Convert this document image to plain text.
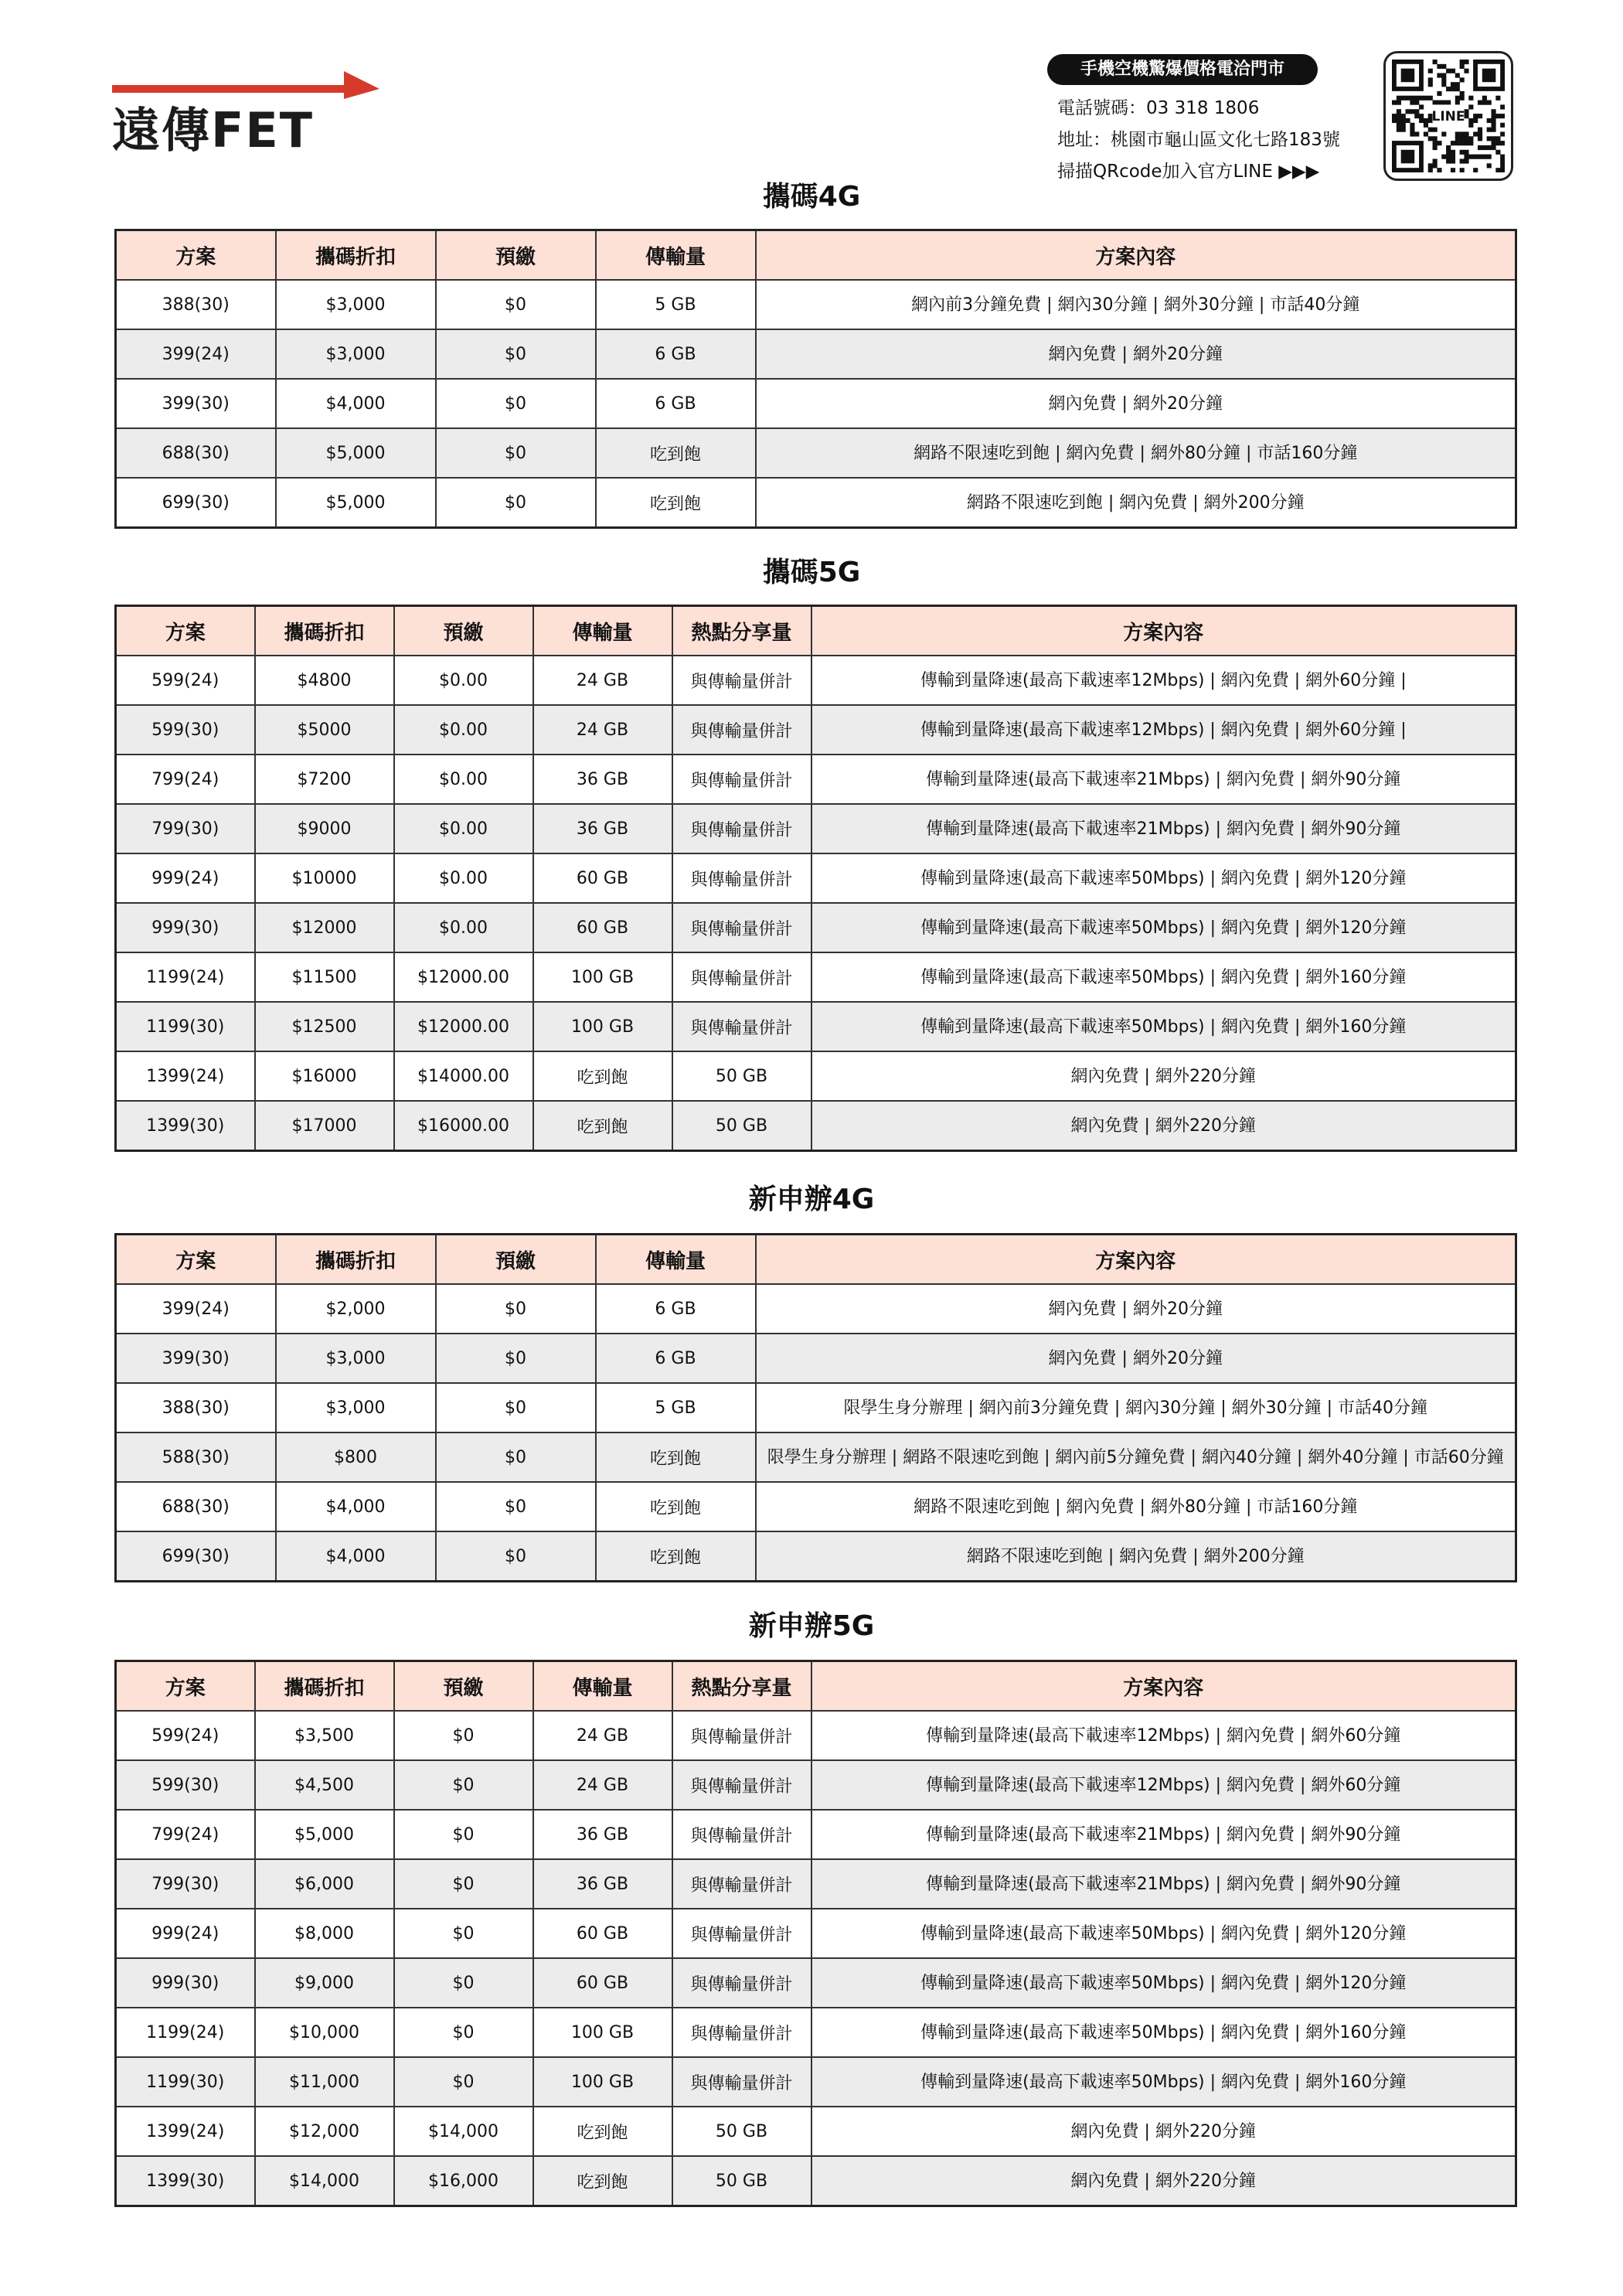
遠傳FET
手機空機驚爆價格電洽門市
電話號碼：03 318 1806
地址：桃園市龜山區文化七路183號
掃描QRcode加入官方LINE ▶▶▶
LINE
攜碼4G
攜碼5G
新申辦4G
新申辦5G
方案	攜碼折扣	預繳	傳輸量	方案內容
388(30)	$3,000	$0	5 GB	網內前3分鐘免費 | 網內30分鐘 | 網外30分鐘 | 市話40分鐘
399(24)	$3,000	$0	6 GB	網內免費 | 網外20分鐘
399(30)	$4,000	$0	6 GB	網內免費 | 網外20分鐘
688(30)	$5,000	$0	吃到飽	網路不限速吃到飽 | 網內免費 | 網外80分鐘 | 市話160分鐘
699(30)	$5,000	$0	吃到飽	網路不限速吃到飽 | 網內免費 | 網外200分鐘
方案	攜碼折扣	預繳	傳輸量	熱點分享量	方案內容
599(24)	$4800	$0.00	24 GB	與傳輸量併計	傳輸到量降速(最高下載速率12Mbps) | 網內免費 | 網外60分鐘 |
599(30)	$5000	$0.00	24 GB	與傳輸量併計	傳輸到量降速(最高下載速率12Mbps) | 網內免費 | 網外60分鐘 |
799(24)	$7200	$0.00	36 GB	與傳輸量併計	傳輸到量降速(最高下載速率21Mbps) | 網內免費 | 網外90分鐘
799(30)	$9000	$0.00	36 GB	與傳輸量併計	傳輸到量降速(最高下載速率21Mbps) | 網內免費 | 網外90分鐘
999(24)	$10000	$0.00	60 GB	與傳輸量併計	傳輸到量降速(最高下載速率50Mbps) | 網內免費 | 網外120分鐘
999(30)	$12000	$0.00	60 GB	與傳輸量併計	傳輸到量降速(最高下載速率50Mbps) | 網內免費 | 網外120分鐘
1199(24)	$11500	$12000.00	100 GB	與傳輸量併計	傳輸到量降速(最高下載速率50Mbps) | 網內免費 | 網外160分鐘
1199(30)	$12500	$12000.00	100 GB	與傳輸量併計	傳輸到量降速(最高下載速率50Mbps) | 網內免費 | 網外160分鐘
1399(24)	$16000	$14000.00	吃到飽	50 GB	網內免費 | 網外220分鐘
1399(30)	$17000	$16000.00	吃到飽	50 GB	網內免費 | 網外220分鐘
方案	攜碼折扣	預繳	傳輸量	方案內容
399(24)	$2,000	$0	6 GB	網內免費 | 網外20分鐘
399(30)	$3,000	$0	6 GB	網內免費 | 網外20分鐘
388(30)	$3,000	$0	5 GB	限學生身分辦理 | 網內前3分鐘免費 | 網內30分鐘 | 網外30分鐘 | 市話40分鐘
588(30)	$800	$0	吃到飽	限學生身分辦理 | 網路不限速吃到飽 | 網內前5分鐘免費 | 網內40分鐘 | 網外40分鐘 | 市話60分鐘
688(30)	$4,000	$0	吃到飽	網路不限速吃到飽 | 網內免費 | 網外80分鐘 | 市話160分鐘
699(30)	$4,000	$0	吃到飽	網路不限速吃到飽 | 網內免費 | 網外200分鐘
方案	攜碼折扣	預繳	傳輸量	熱點分享量	方案內容
599(24)	$3,500	$0	24 GB	與傳輸量併計	傳輸到量降速(最高下載速率12Mbps) | 網內免費 | 網外60分鐘
599(30)	$4,500	$0	24 GB	與傳輸量併計	傳輸到量降速(最高下載速率12Mbps) | 網內免費 | 網外60分鐘
799(24)	$5,000	$0	36 GB	與傳輸量併計	傳輸到量降速(最高下載速率21Mbps) | 網內免費 | 網外90分鐘
799(30)	$6,000	$0	36 GB	與傳輸量併計	傳輸到量降速(最高下載速率21Mbps) | 網內免費 | 網外90分鐘
999(24)	$8,000	$0	60 GB	與傳輸量併計	傳輸到量降速(最高下載速率50Mbps) | 網內免費 | 網外120分鐘
999(30)	$9,000	$0	60 GB	與傳輸量併計	傳輸到量降速(最高下載速率50Mbps) | 網內免費 | 網外120分鐘
1199(24)	$10,000	$0	100 GB	與傳輸量併計	傳輸到量降速(最高下載速率50Mbps) | 網內免費 | 網外160分鐘
1199(30)	$11,000	$0	100 GB	與傳輸量併計	傳輸到量降速(最高下載速率50Mbps) | 網內免費 | 網外160分鐘
1399(24)	$12,000	$14,000	吃到飽	50 GB	網內免費 | 網外220分鐘
1399(30)	$14,000	$16,000	吃到飽	50 GB	網內免費 | 網外220分鐘
